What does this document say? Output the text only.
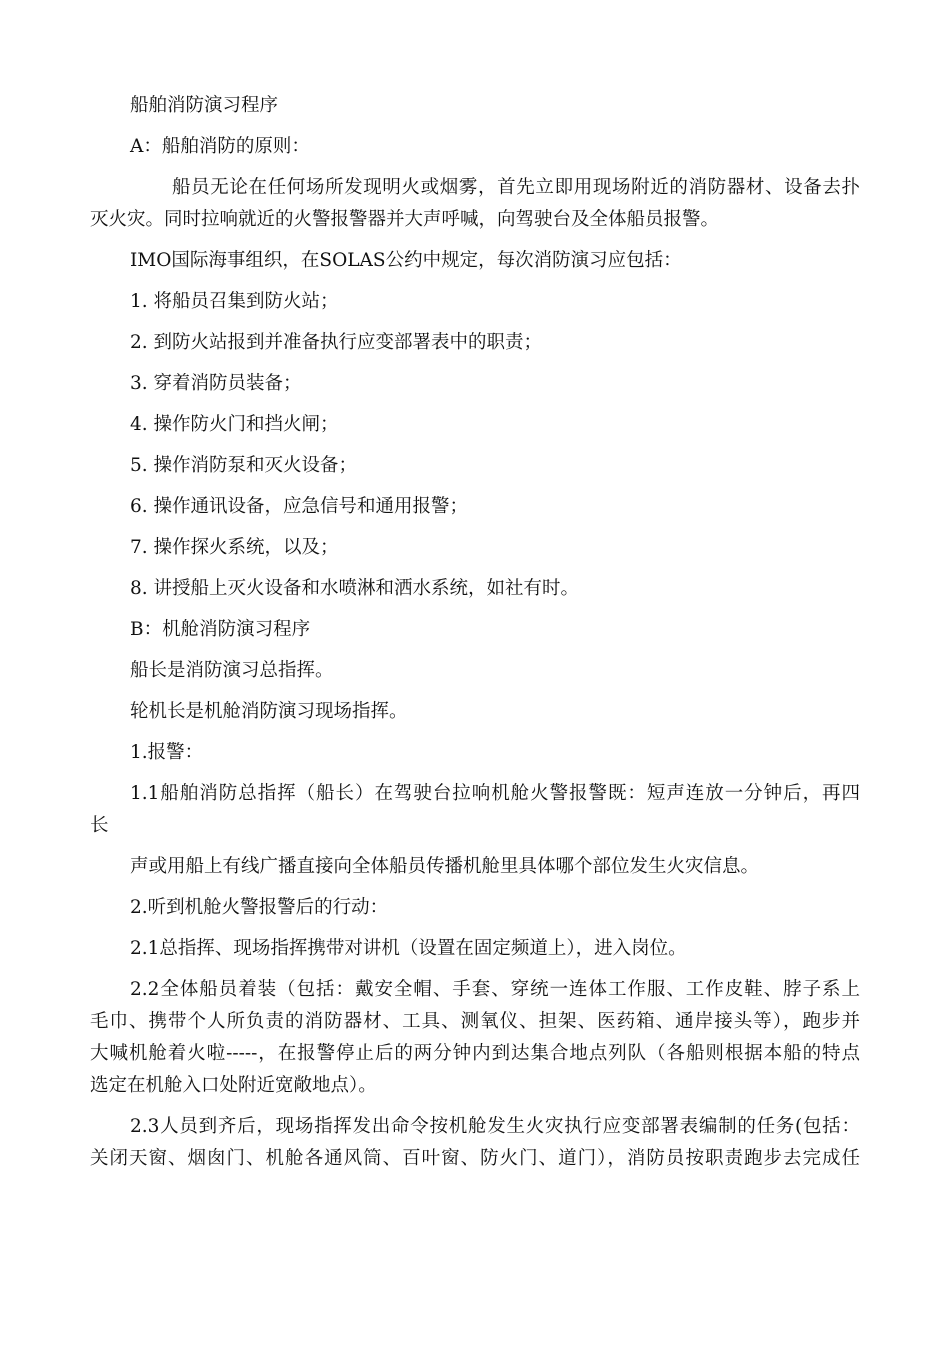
船舶消防演习程序
A：船舶消防的原则：
船员无论在任何场所发现明火或烟雾，首先立即用现场附近的消防器材、设备去扑
灭火灾。同时拉响就近的火警报警器并大声呼喊，向驾驶台及全体船员报警。
IMO国际海事组织，在SOLAS公约中规定，每次消防演习应包括：
1. 将船员召集到防火站；
2. 到防火站报到并准备执行应变部署表中的职责；
3. 穿着消防员装备；
4. 操作防火门和挡火闸；
5. 操作消防泵和灭火设备；
6. 操作通讯设备，应急信号和通用报警；
7. 操作探火系统，以及；
8. 讲授船上灭火设备和水喷淋和洒水系统，如社有时。
B：机舱消防演习程序
船长是消防演习总指挥。
轮机长是机舱消防演习现场指挥。
1.报警：
1.1船舶消防总指挥（船长）在驾驶台拉响机舱火警报警既：短声连放一分钟后，再四
长
声或用船上有线广播直接向全体船员传播机舱里具体哪个部位发生火灾信息。
2.听到机舱火警报警后的行动：
2.1总指挥、现场指挥携带对讲机（设置在固定频道上），进入岗位。
2.2全体船员着装（包括：戴安全帽、手套、穿统一连体工作服、工作皮鞋、脖子系上
毛巾、携带个人所负责的消防器材、工具、测氧仪、担架、医药箱、通岸接头等），跑步并
大喊机舱着火啦-----，在报警停止后的两分钟内到达集合地点列队（各船则根据本船的特点
选定在机舱入口处附近宽敞地点）。
2.3人员到齐后，现场指挥发出命令按机舱发生火灾执行应变部署表编制的任务(包括：
关闭天窗、烟囱门、机舱各通风筒、百叶窗、防火门、道门），消防员按职责跑步去完成任
